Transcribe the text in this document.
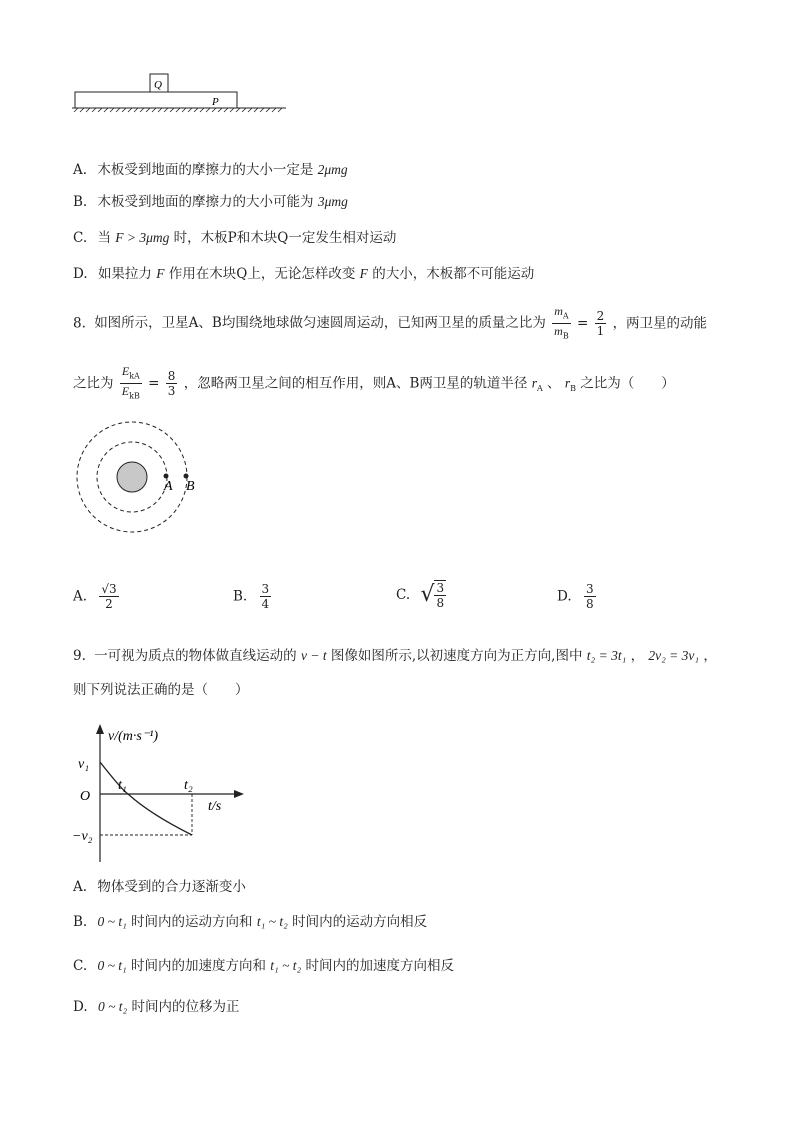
Q
P
A. 木板受到地面的摩擦力的大小一定是 2μmg
B. 木板受到地面的摩擦力的大小可能为 3μmg
C. 当 F > 3μmg 时，木板P和木块Q一定发生相对运动
D. 如果拉力 F 作用在木块Q上，无论怎样改变 F 的大小，木板都不可能运动
8. 如图所示，卫星A、B均围绕地球做匀速圆周运动，已知两卫星的质量之比为 $\frac{m_A}{m_B} = \frac{2}{1}$ ，两卫星的动能
之比为 $\frac{E_{kA}}{E_{kB}} = \frac{8}{3}$ ，忽略两卫星之间的相互作用，则A、B两卫星的轨道半径 $r_A$ 、 $r_B$ 之比为（　　）
A B
A. $\frac{√3}{2}$	B. $\frac{3}{4}$	C. √ $\frac{3}{8}$	D. $\frac{3}{8}$
9. 一可视为质点的物体做直线运动的 v − t 图像如图所示,以初速度方向为正方向,图中 t₂ = 3t₁ ， 2v₂ = 3v₁ ，
则下列说法正确的是（　　）
v/(m·s⁻¹)
v₁
O
t₁	t₂
t/s
−v₂
A. 物体受到的合力逐渐变小
B. 0 ~ t₁ 时间内的运动方向和 t₁ ~ t₂ 时间内的运动方向相反
C. 0 ~ t₁ 时间内的加速度方向和 t₁ ~ t₂ 时间内的加速度方向相反
D. 0 ~ t₂ 时间内的位移为正
